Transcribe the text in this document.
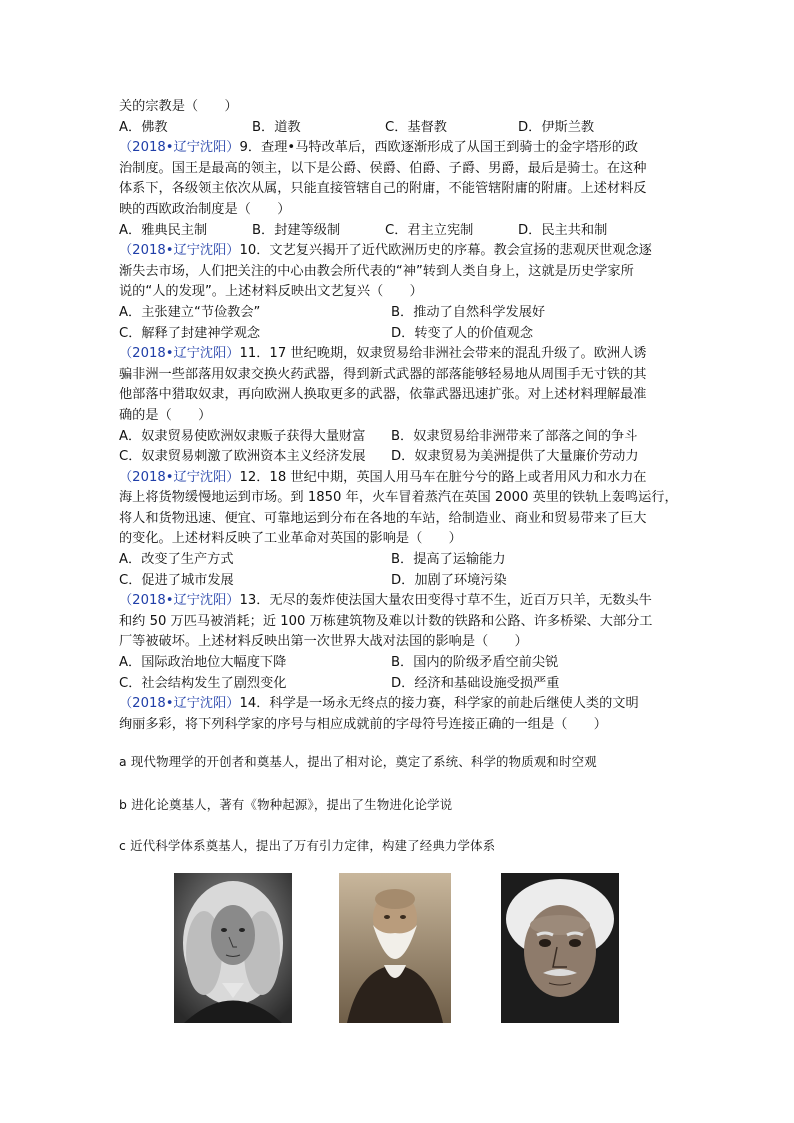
关的宗教是（　　）
A．佛教	B．道教	C．基督教	D．伊斯兰教
（2018•辽宁沈阳）9．查理•马特改革后，西欧逐渐形成了从国王到骑士的金字塔形的政
治制度。国王是最高的领主，以下是公爵、侯爵、伯爵、子爵、男爵，最后是骑士。在这种
体系下，各级领主依次从属，只能直接管辖自己的附庸，不能管辖附庸的附庸。上述材料反
映的西欧政治制度是（　　）
A．雅典民主制	B．封建等级制	C．君主立宪制	D．民主共和制
（2018•辽宁沈阳）10．文艺复兴揭开了近代欧洲历史的序幕。教会宣扬的悲观厌世观念逐
渐失去市场，人们把关注的中心由教会所代表的“神”转到人类自身上，这就是历史学家所
说的“人的发现”。上述材料反映出文艺复兴（　　）
A．主张建立“节俭教会”	B．推动了自然科学发展好
C．解释了封建神学观念	D．转变了人的价值观念
（2018•辽宁沈阳）11．17 世纪晚期，奴隶贸易给非洲社会带来的混乱升级了。欧洲人诱
骗非洲一些部落用奴隶交换火药武器，得到新式武器的部落能够轻易地从周围手无寸铁的其
他部落中猎取奴隶，再向欧洲人换取更多的武器，依靠武器迅速扩张。对上述材料理解最准
确的是（　　）
A．奴隶贸易使欧洲奴隶贩子获得大量财富	B．奴隶贸易给非洲带来了部落之间的争斗
C．奴隶贸易刺激了欧洲资本主义经济发展	D．奴隶贸易为美洲提供了大量廉价劳动力
（2018•辽宁沈阳）12．18 世纪中期，英国人用马车在脏兮兮的路上或者用风力和水力在
海上将货物缓慢地运到市场。到 1850 年，火车冒着蒸汽在英国 2000 英里的铁轨上轰鸣运行，
将人和货物迅速、便宜、可靠地运到分布在各地的车站，给制造业、商业和贸易带来了巨大
的变化。上述材料反映了工业革命对英国的影响是（　　）
A．改变了生产方式	B．提高了运输能力
C．促进了城市发展	D．加剧了环境污染
（2018•辽宁沈阳）13．无尽的轰炸使法国大量农田变得寸草不生，近百万只羊，无数头牛
和约 50 万匹马被消耗；近 100 万栋建筑物及难以计数的铁路和公路、许多桥梁、大部分工
厂等被破坏。上述材料反映出第一次世界大战对法国的影响是（　　）
A．国际政治地位大幅度下降	B．国内的阶级矛盾空前尖锐
C．社会结构发生了剧烈变化	D．经济和基础设施受损严重
（2018•辽宁沈阳）14．科学是一场永无终点的接力赛，科学家的前赴后继使人类的文明
绚丽多彩，将下列科学家的序号与相应成就前的字母符号连接正确的一组是（　　）
a 现代物理学的开创者和奠基人，提出了相对论，奠定了系统、科学的物质观和时空观
b 进化论奠基人，著有《物种起源》，提出了生物进化论学说
c 近代科学体系奠基人，提出了万有引力定律，构建了经典力学体系
